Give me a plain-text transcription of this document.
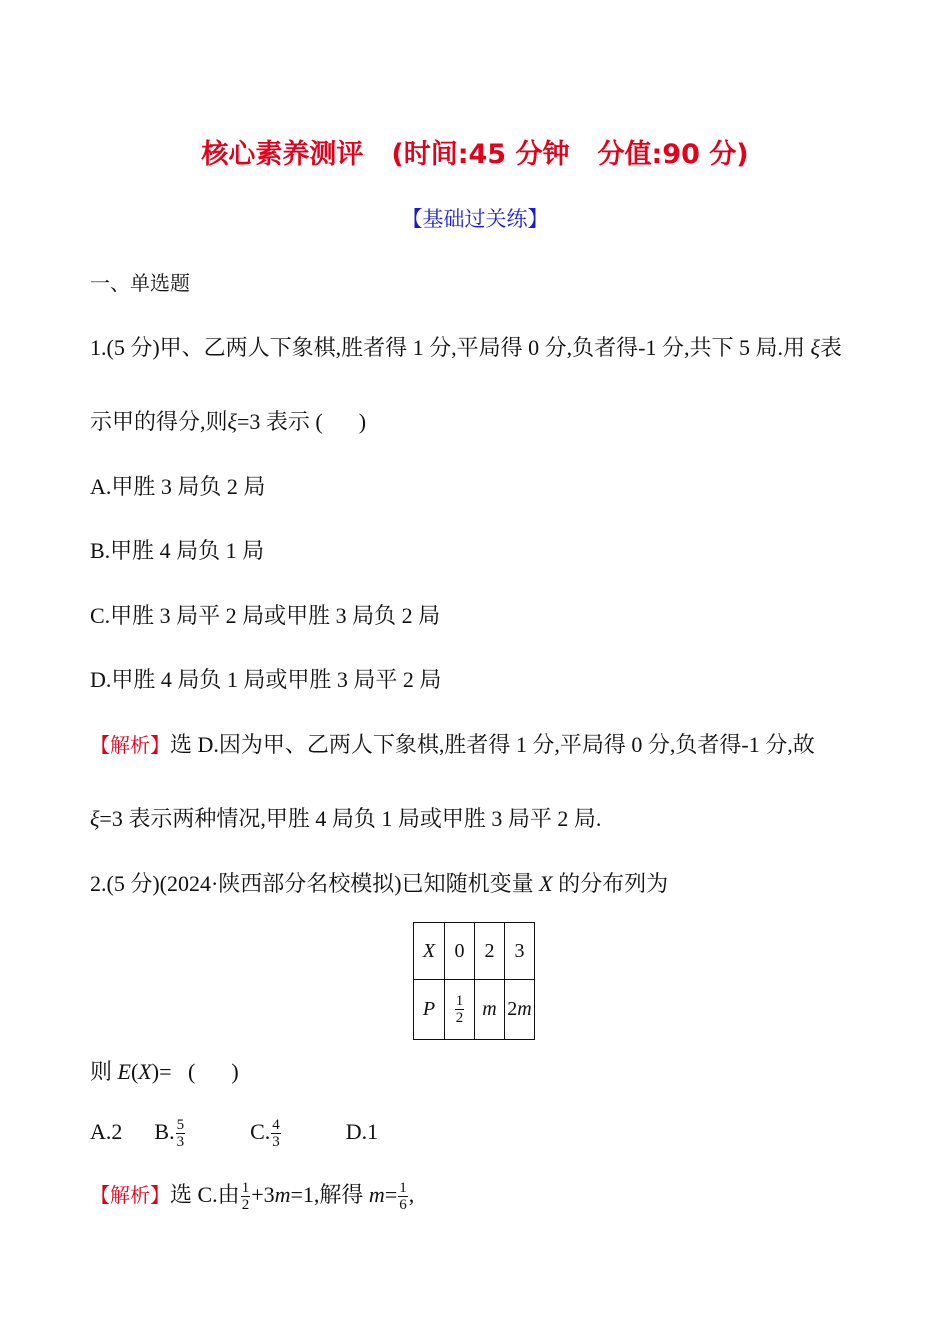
核心素养测评 (时间:45 分钟 分值:90 分)
【基础过关练】
一、单选题
1.(5 分)甲、乙两人下象棋,胜者得 1 分,平局得 0 分,负者得-1 分,共下 5 局.用 ξ表
示甲的得分,则ξ=3 表示 ( )
A.甲胜 3 局负 2 局
B.甲胜 4 局负 1 局
C.甲胜 3 局平 2 局或甲胜 3 局负 2 局
D.甲胜 4 局负 1 局或甲胜 3 局平 2 局
【解析】选 D.因为甲、乙两人下象棋,胜者得 1 分,平局得 0 分,负者得-1 分,故
ξ=3 表示两种情况,甲胜 4 局负 1 局或甲胜 3 局平 2 局.
2.(5 分)(2024·陕西部分名校模拟)已知随机变量 X 的分布列为
X	0	2	3
P	$\frac{1}{2}$	m	2m
则 E(X)= ( )
A.2 B. $\frac{5}{3}$	C. $\frac{4}{3}$	D.1
【解析】选 C.由 $\frac{1}{2} +3m=1$,解得 $m= \frac{1}{6}$ ,
